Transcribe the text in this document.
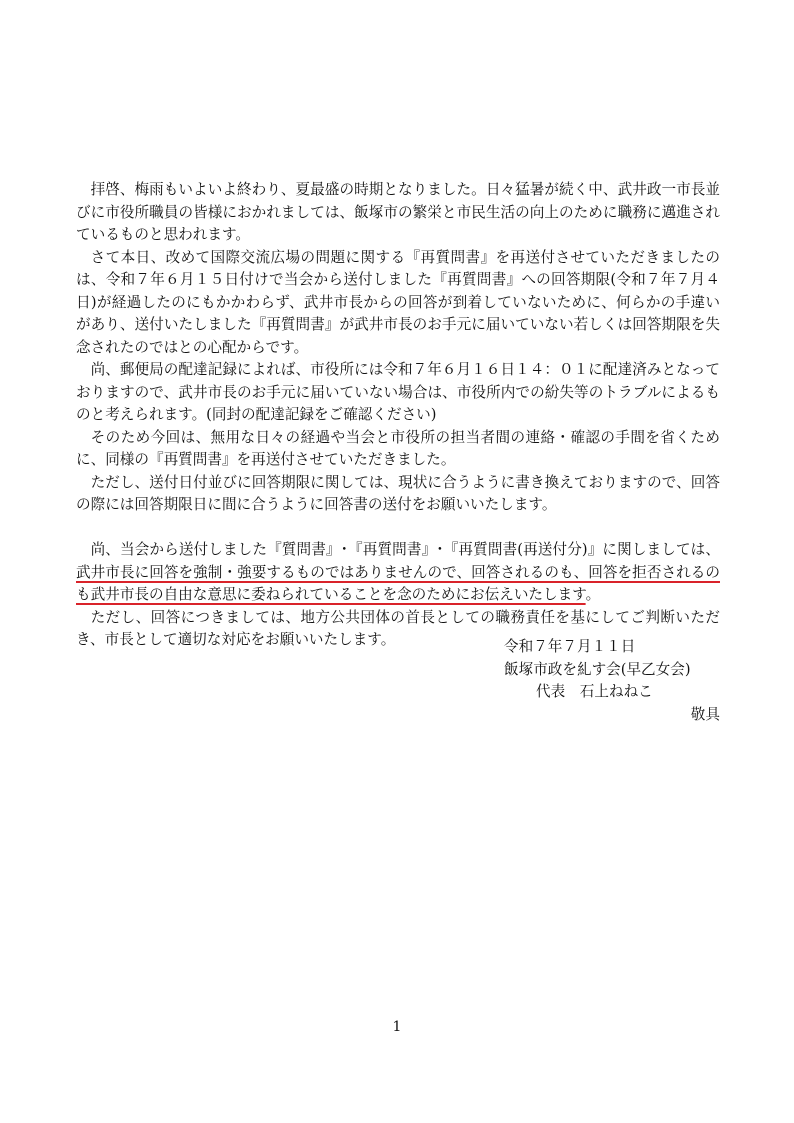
拝啓、梅雨もいよいよ終わり、夏最盛の時期となりました。日々猛暑が続く中、武井政一市長並びに市役所職員の皆様におかれましては、飯塚市の繁栄と市民生活の向上のために職務に邁進されているものと思われます。

さて本日、改めて国際交流広場の問題に関する『再質問書』を再送付させていただきましたのは、令和７年６月１５日付けで当会から送付しました『再質問書』への回答期限(令和７年７月４日)が経過したのにもかかわらず、武井市長からの回答が到着していないために、何らかの手違いがあり、送付いたしました『再質問書』が武井市長のお手元に届いていない若しくは回答期限を失念されたのではとの心配からです。

尚、郵便局の配達記録によれば、市役所には令和７年６月１６日１４：０１に配達済みとなっておりますので、武井市長のお手元に届いていない場合は、市役所内での紛失等のトラブルによるものと考えられます。(同封の配達記録をご確認ください)

そのため今回は、無用な日々の経過や当会と市役所の担当者間の連絡・確認の手間を省くために、同様の『再質問書』を再送付させていただきました。

ただし、送付日付並びに回答期限に関しては、現状に合うように書き換えておりますので、回答の際には回答期限日に間に合うように回答書の送付をお願いいたします。

尚、当会から送付しました『質問書』･『再質問書』･『再質問書(再送付分)』に関しましては、武井市長に回答を強制・強要するものではありませんので、回答されるのも、回答を拒否されるのも武井市長の自由な意思に委ねられていることを念のためにお伝えいたします。

ただし、回答につきましては、地方公共団体の首長としての職務責任を基にしてご判断いただき、市長として適切な対応をお願いいたします。	令和７年７月１１日
飯塚市政を糺す会(早乙女会)
代表　石上ねねこ
敬具
1
